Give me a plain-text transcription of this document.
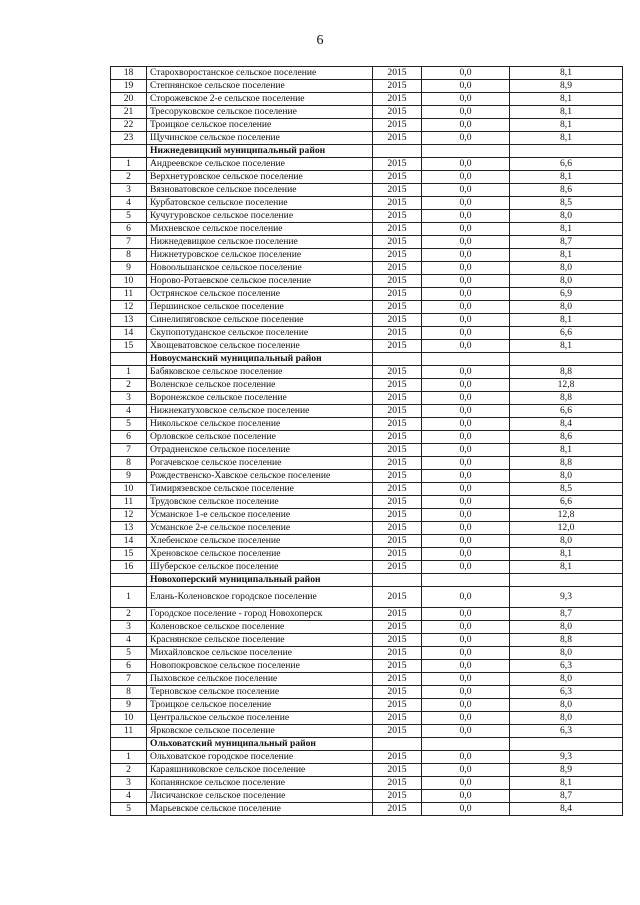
6
18	Старохворостанское сельское поселение	2015	0,0	8,1
19	Степнянское сельское поселение	2015	0,0	8,9
20	Сторожевское 2-е сельское поселение	2015	0,0	8,1
21	Тресоруковское сельское поселение	2015	0,0	8,1
22	Троицкое сельское поселение	2015	0,0	8,1
23	Щучинское сельское поселение	2015	0,0	8,1
	Нижнедевицкий муниципальный район			
1	Андреевское сельское поселение	2015	0,0	6,6
2	Верхнетуровское сельское поселение	2015	0,0	8,1
3	Вязноватовское сельское поселение	2015	0,0	8,6
4	Курбатовское сельское поселение	2015	0,0	8,5
5	Кучугуровское сельское поселение	2015	0,0	8,0
6	Михневское сельское поселение	2015	0,0	8,1
7	Нижнедевицкое сельское поселение	2015	0,0	8,7
8	Нижнетуровское сельское поселение	2015	0,0	8,1
9	Новоольшанское сельское поселение	2015	0,0	8,0
10	Норово-Ротаевское сельское поселение	2015	0,0	8,0
11	Острянское сельское поселение	2015	0,0	6,9
12	Першинское сельское поселение	2015	0,0	8,0
13	Синелипяговское сельское поселение	2015	0,0	8,1
14	Скупопотуданское сельское поселение	2015	0,0	6,6
15	Хвощеватовское сельское поселение	2015	0,0	8,1
	Новоусманский муниципальный район			
1	Бабяковское сельское поселение	2015	0,0	8,8
2	Воленское сельское поселение	2015	0,0	12,8
3	Воронежское сельское поселение	2015	0,0	8,8
4	Нижнекатуховское сельское поселение	2015	0,0	6,6
5	Никольское сельское поселение	2015	0,0	8,4
6	Орловское сельское поселение	2015	0,0	8,6
7	Отрадненское сельское поселение	2015	0,0	8,1
8	Рогачевское сельское поселение	2015	0,0	8,8
9	Рождественско-Хавское сельское поселение	2015	0,0	8,0
10	Тимирязевское сельское поселение	2015	0,0	8,5
11	Трудовское сельское поселение	2015	0,0	6,6
12	Усманское 1-е сельское поселение	2015	0,0	12,8
13	Усманское 2-е сельское поселение	2015	0,0	12,0
14	Хлебенское сельское поселение	2015	0,0	8,0
15	Хреновское сельское поселение	2015	0,0	8,1
16	Шуберское сельское поселение	2015	0,0	8,1
	Новохоперский муниципальный район			
1	Елань-Коленовское городское поселение	2015	0,0	9,3
2	Городское поселение - город Новохоперск	2015	0,0	8,7
3	Коленовское сельское поселение	2015	0,0	8,0
4	Краснянское сельское поселение	2015	0,0	8,8
5	Михайловское сельское поселение	2015	0,0	8,0
6	Новопокровское сельское поселение	2015	0,0	6,3
7	Пыховское сельское поселение	2015	0,0	8,0
8	Терновское сельское поселение	2015	0,0	6,3
9	Троицкое сельское поселение	2015	0,0	8,0
10	Центральское сельское поселение	2015	0,0	8,0
11	Ярковское сельское поселение	2015	0,0	6,3
	Ольховатский муниципальный район			
1	Ольховатское городское поселение	2015	0,0	9,3
2	Караяшниковское сельское поселение	2015	0,0	8,9
3	Копанянское сельское поселение	2015	0,0	8,1
4	Лисичанское сельское поселение	2015	0,0	8,7
5	Марьевское сельское поселение	2015	0,0	8,4
